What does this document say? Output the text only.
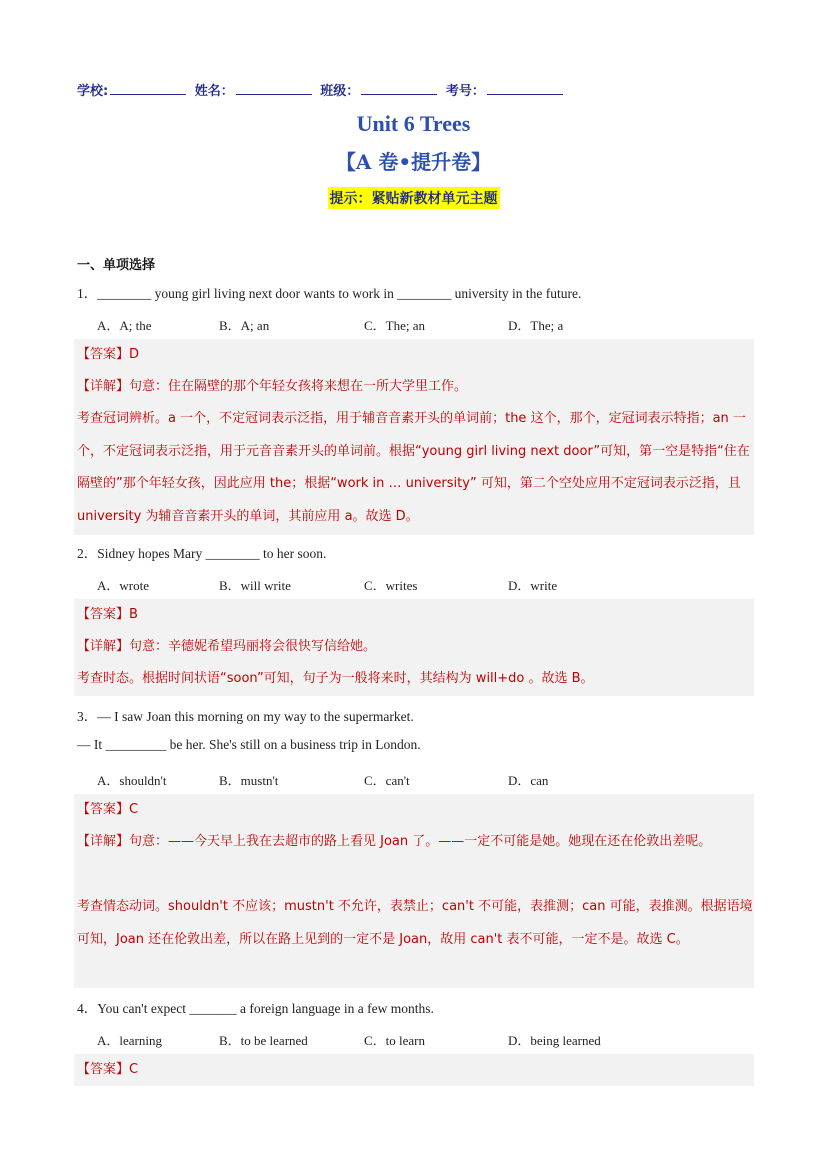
学校:	姓名：	班级：	考号：
Unit 6 Trees
【A 卷•提升卷】
提示：紧贴新教材单元主题
一、单项选择
1．________ young girl living next door wants to work in ________ university in the future.
A．A; the	B．A; an	C．The; an	D．The; a
【答案】D
【详解】句意：住在隔壁的那个年轻女孩将来想在一所大学里工作。
考查冠词辨析。a 一个，不定冠词表示泛指，用于辅音音素开头的单词前；the 这个，那个，定冠词表示特指；an 一个，不定冠词表示泛指，用于元音音素开头的单词前。根据“young girl living next door”可知，第一空是特指“住在隔壁的”那个年轻女孩，因此应用 the；根据“work in … university” 可知，第二个空处应用不定冠词表示泛指，且 university 为辅音音素开头的单词，其前应用 a。故选 D。
2．Sidney hopes Mary ________ to her soon.
A．wrote	B．will write	C．writes	D．write
【答案】B
【详解】句意：辛德妮希望玛丽将会很快写信给她。
考查时态。根据时间状语“soon”可知，句子为一般将来时，其结构为 will+do 。故选 B。
3．— I saw Joan this morning on my way to the supermarket.
— It _________ be her. She's still on a business trip in London.
A．shouldn't	B．mustn't	C．can't	D．can
【答案】C
【详解】句意：——今天早上我在去超市的路上看见 Joan 了。——一定不可能是她。她现在还在伦敦出差呢。
考查情态动词。shouldn't 不应该；mustn't 不允许，表禁止；can't 不可能，表推测；can 可能，表推测。根据语境可知，Joan 还在伦敦出差，所以在路上见到的一定不是 Joan，故用 can't 表不可能，一定不是。故选 C。
4．You can't expect _______ a foreign language in a few months.
A．learning	B．to be learned	C．to learn	D．being learned
【答案】C
